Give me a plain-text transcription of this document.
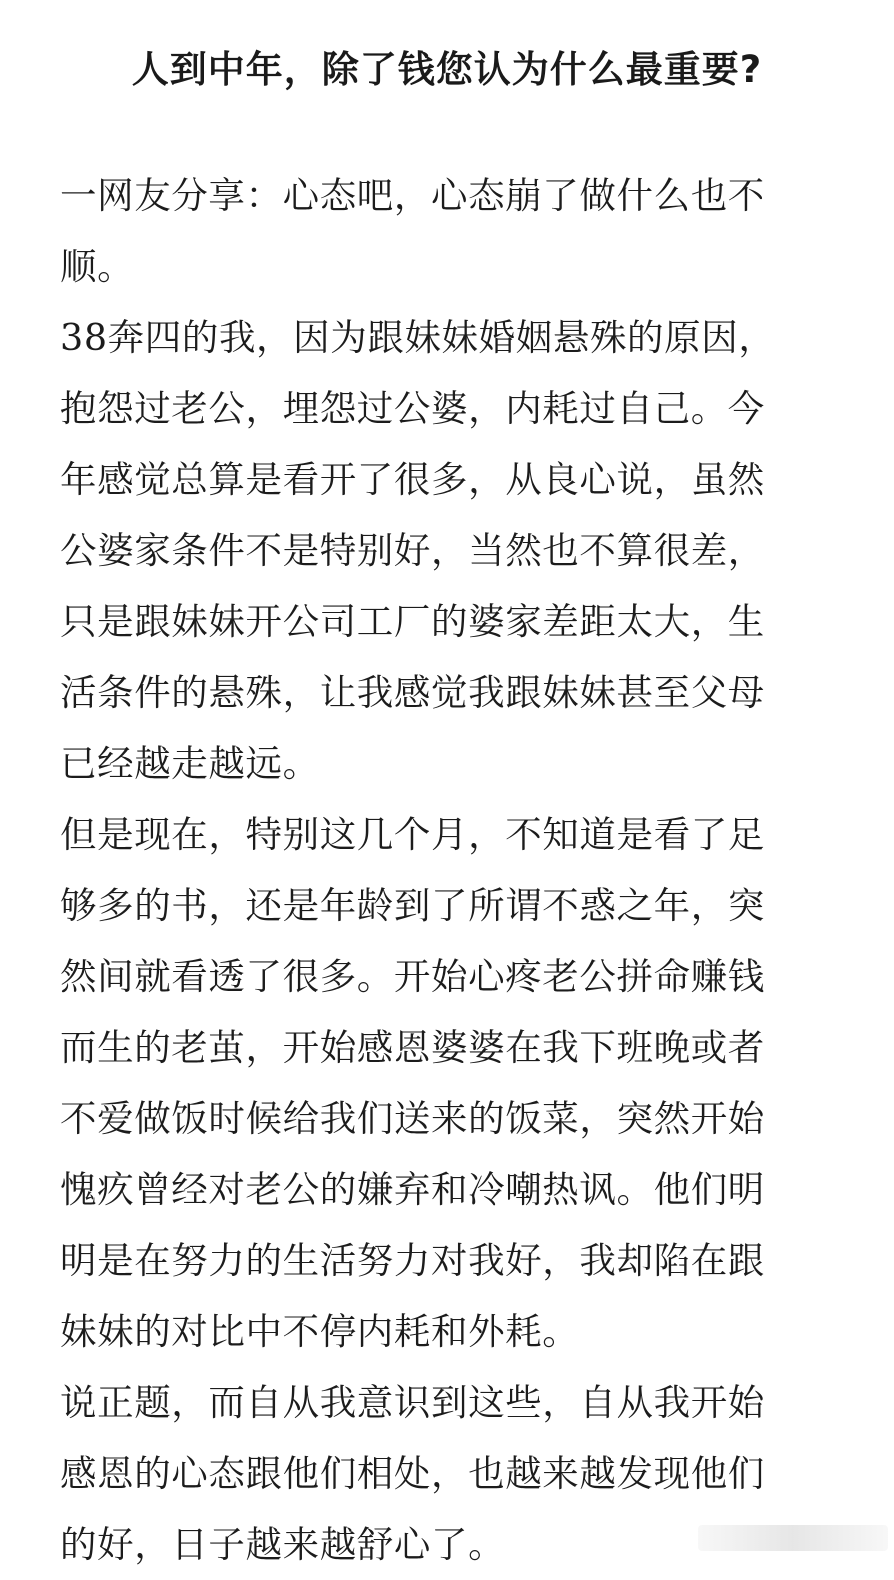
人到中年，除了钱您认为什么最重要?

一网友分享：心态吧，心态崩了做什么也不

顺。

38奔四的我，因为跟妹妹婚姻悬殊的原因，

抱怨过老公，埋怨过公婆，内耗过自己。今

年感觉总算是看开了很多，从良心说，虽然

公婆家条件不是特别好，当然也不算很差，

只是跟妹妹开公司工厂的婆家差距太大，生

活条件的悬殊，让我感觉我跟妹妹甚至父母

已经越走越远。

但是现在，特别这几个月，不知道是看了足

够多的书，还是年龄到了所谓不惑之年，突

然间就看透了很多。开始心疼老公拼命赚钱

而生的老茧，开始感恩婆婆在我下班晚或者

不爱做饭时候给我们送来的饭菜，突然开始

愧疚曾经对老公的嫌弃和冷嘲热讽。他们明

明是在努力的生活努力对我好，我却陷在跟

妹妹的对比中不停内耗和外耗。

说正题，而自从我意识到这些，自从我开始

感恩的心态跟他们相处，也越来越发现他们

的好，日子越来越舒心了。
